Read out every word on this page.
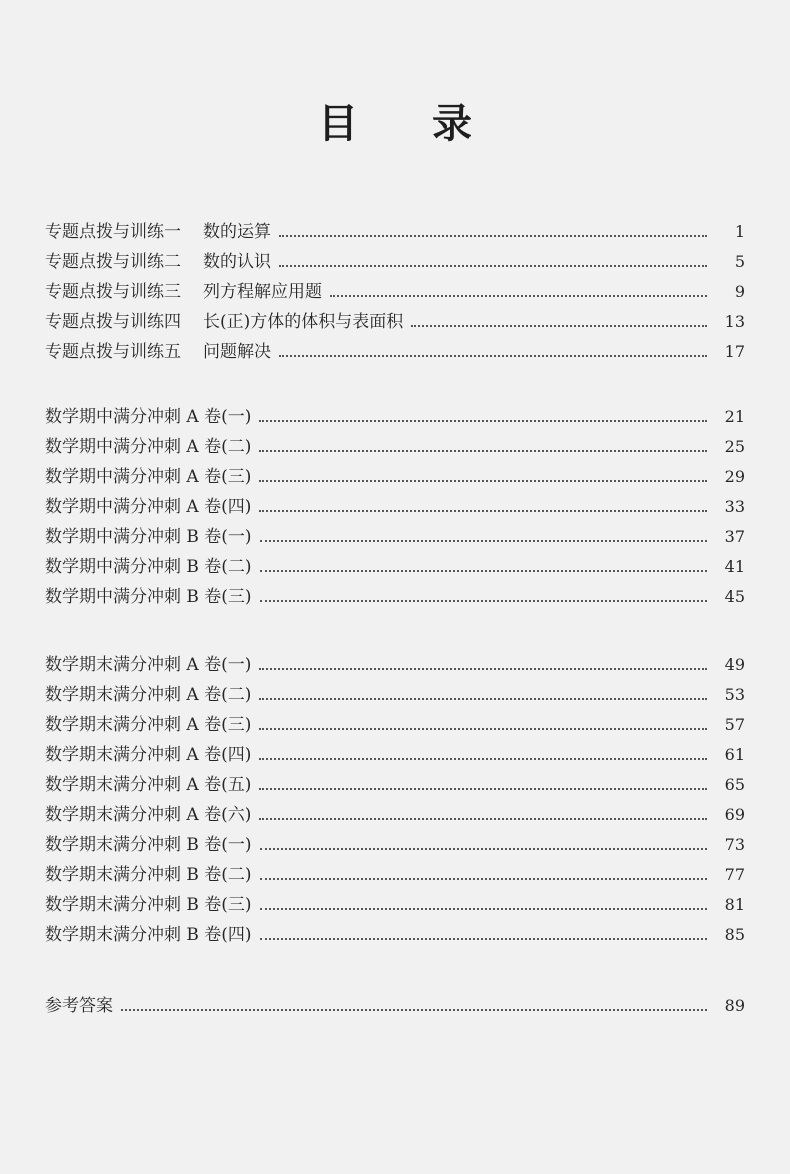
目 录
专题点拨与训练一 数的运算	1
专题点拨与训练二 数的认识	5
专题点拨与训练三 列方程解应用题	9
专题点拨与训练四 长(正)方体的体积与表面积	13
专题点拨与训练五 问题解决	17
数学期中满分冲刺 A 卷(一)	21
数学期中满分冲刺 A 卷(二)	25
数学期中满分冲刺 A 卷(三)	29
数学期中满分冲刺 A 卷(四)	33
数学期中满分冲刺 B 卷(一)	37
数学期中满分冲刺 B 卷(二)	41
数学期中满分冲刺 B 卷(三)	45
数学期末满分冲刺 A 卷(一)	49
数学期末满分冲刺 A 卷(二)	53
数学期末满分冲刺 A 卷(三)	57
数学期末满分冲刺 A 卷(四)	61
数学期末满分冲刺 A 卷(五)	65
数学期末满分冲刺 A 卷(六)	69
数学期末满分冲刺 B 卷(一)	73
数学期末满分冲刺 B 卷(二)	77
数学期末满分冲刺 B 卷(三)	81
数学期末满分冲刺 B 卷(四)	85
参考答案	89
